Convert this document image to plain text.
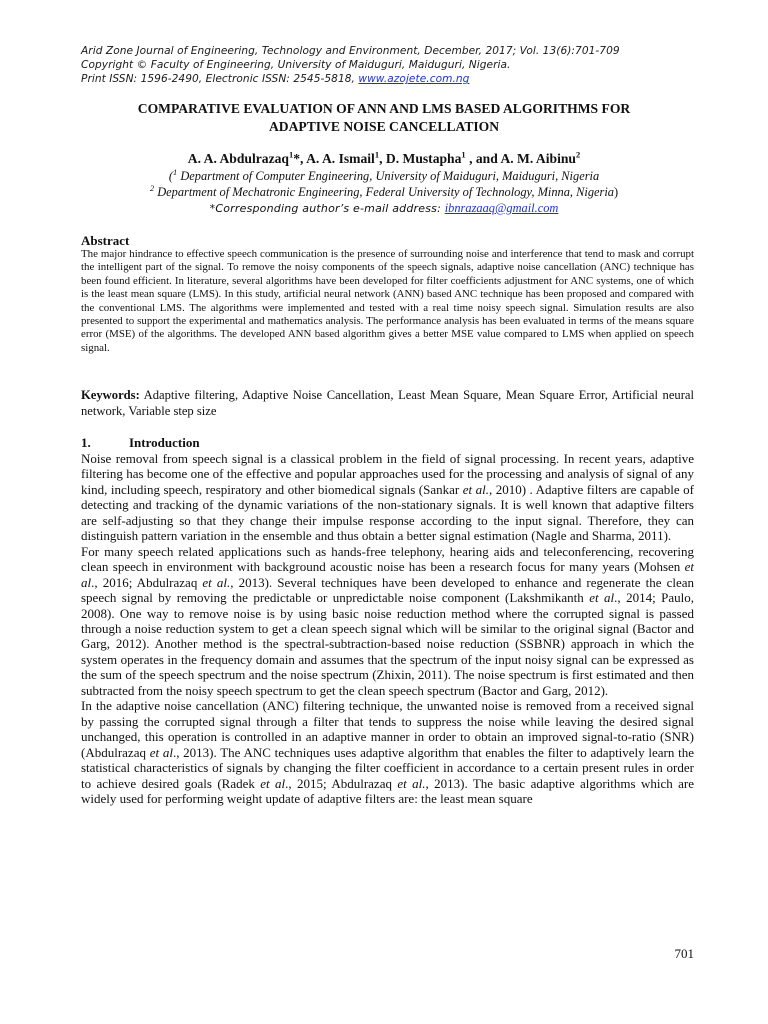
Arid Zone Journal of Engineering, Technology and Environment, December, 2017; Vol. 13(6):701-709
Copyright © Faculty of Engineering, University of Maiduguri, Maiduguri, Nigeria.
Print ISSN: 1596-2490, Electronic ISSN: 2545-5818, www.azojete.com.ng
COMPARATIVE EVALUATION OF ANN AND LMS BASED ALGORITHMS FOR
ADAPTIVE NOISE CANCELLATION
A. A. Abdulrazaq$^1$*, A. A. Ismail$^1$, D. Mustapha$^1$ , and A. M. Aibinu$^2$
($^1$ Department of Computer Engineering, University of Maiduguri, Maiduguri, Nigeria
$^2$ Department of Mechatronic Engineering, Federal University of Technology, Minna, Nigeria)
*Corresponding author’s e-mail address: ibnrazaaq@gmail.com
Abstract
The major hindrance to effective speech communication is the presence of surrounding noise and interference that tend to mask and corrupt the intelligent part of the signal. To remove the noisy components of the speech signals, adaptive noise cancellation (ANC) technique has been found efficient. In literature, several algorithms have been developed for filter coefficients adjustment for ANC systems, one of which is the least mean square (LMS). In this study, artificial neural network (ANN) based ANC technique has been proposed and compared with the conventional LMS. The algorithms were implemented and tested with a real time noisy speech signal. Simulation results are also presented to support the experimental and mathematics analysis. The performance analysis has been evaluated in terms of the means square error (MSE) of the algorithms. The developed ANN based algorithm gives a better MSE value compared to LMS when applied on speech signal.
Keywords: Adaptive filtering, Adaptive Noise Cancellation, Least Mean Square, Mean Square Error, Artificial neural network, Variable step size
1.	Introduction

Noise removal from speech signal is a classical problem in the field of signal processing. In recent years, adaptive filtering has become one of the effective and popular approaches used for the processing and analysis of signal of any kind, including speech, respiratory and other biomedical signals (Sankar et al., 2010) . Adaptive filters are capable of detecting and tracking of the dynamic variations of the non-stationary signals. It is well known that adaptive filters are self-adjusting so that they change their impulse response according to the input signal. Therefore, they can distinguish pattern variation in the ensemble and thus obtain a better signal estimation (Nagle and Sharma, 2011).

For many speech related applications such as hands-free telephony, hearing aids and teleconferencing, recovering clean speech in environment with background acoustic noise has been a research focus for many years (Mohsen et al., 2016; Abdulrazaq et al., 2013). Several techniques have been developed to enhance and regenerate the clean speech signal by removing the predictable or unpredictable noise component (Lakshmikanth et al., 2014; Paulo, 2008). One way to remove noise is by using basic noise reduction method where the corrupted signal is passed through a noise reduction system to get a clean speech signal which will be similar to the original signal (Bactor and Garg, 2012). Another method is the spectral-subtraction-based noise reduction (SSBNR) approach in which the system operates in the frequency domain and assumes that the spectrum of the input noisy signal can be expressed as the sum of the speech spectrum and the noise spectrum (Zhixin, 2011). The noise spectrum is first estimated and then subtracted from the noisy speech spectrum to get the clean speech spectrum (Bactor and Garg, 2012).

In the adaptive noise cancellation (ANC) filtering technique, the unwanted noise is removed from a received signal by passing the corrupted signal through a filter that tends to suppress the noise while leaving the desired signal unchanged, this operation is controlled in an adaptive manner in order to obtain an improved signal-to-ratio (SNR) (Abdulrazaq et al., 2013). The ANC techniques uses adaptive algorithm that enables the filter to adaptively learn the statistical characteristics of signals by changing the filter coefficient in accordance to a certain present rules in order to achieve desired goals (Radek et al., 2015; Abdulrazaq et al., 2013). The basic adaptive algorithms which are widely used for performing weight update of adaptive filters are: the least mean square

701
